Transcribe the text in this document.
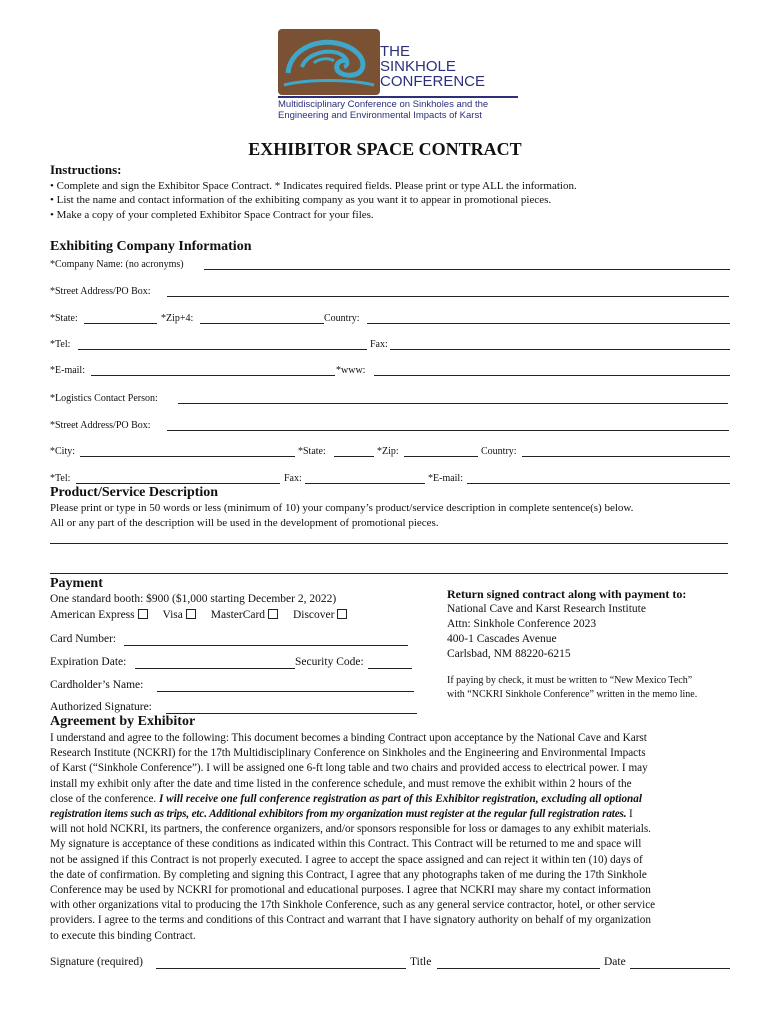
THE
SINKHOLE
CONFERENCE
Multidisciplinary Conference on Sinkholes and the
Engineering and Environmental Impacts of Karst
EXHIBITOR SPACE CONTRACT
Instructions:
• Complete and sign the Exhibitor Space Contract. * Indicates required fields. Please print or type ALL the information.
• List the name and contact information of the exhibiting company as you want it to appear in promotional pieces.
• Make a copy of your completed Exhibitor Space Contract for your files.
Exhibiting Company Information
*Company Name: (no acronyms)
*Street Address/PO Box:
*State:	*Zip+4:	Country:
*Tel:	Fax:
*E-mail:	*www:
*Logistics Contact Person:
*Street Address/PO Box:
*City:	*State:	*Zip:	Country:
*Tel:	Fax:	*E-mail:
Product/Service Description
Please print or type in 50 words or less (minimum of 10) your company’s product/service description in complete sentence(s) below.
All or any part of the description will be used in the development of promotional pieces.
Payment
One standard booth: $900 ($1,000 starting December 2, 2022)
American Express Visa MasterCard Discover
Card Number:
Expiration Date:	Security Code:
Cardholder’s Name:
Authorized Signature:
Return signed contract along with payment to:
National Cave and Karst Research Institute
Attn: Sinkhole Conference 2023
400-1 Cascades Avenue
Carlsbad, NM 88220-6215
If paying by check, it must be written to “New Mexico Tech”
with “NCKRI Sinkhole Conference” written in the memo line.
Agreement by Exhibitor
I understand and agree to the following: This document becomes a binding Contract upon acceptance by the National Cave and Karst
Research Institute (NCKRI) for the 17th Multidisciplinary Conference on Sinkholes and the Engineering and Environmental Impacts
of Karst (“Sinkhole Conference”). I will be assigned one 6-ft long table and two chairs and provided access to electrical power. I may
install my exhibit only after the date and time listed in the conference schedule, and must remove the exhibit within 2 hours of the
close of the conference. I will receive one full conference registration as part of this Exhibitor registration, excluding all optional
registration items such as trips, etc. Additional exhibitors from my organization must register at the regular full registration rates. I
will not hold NCKRI, its partners, the conference organizers, and/or sponsors responsible for loss or damages to any exhibit materials.
My signature is acceptance of these conditions as indicated within this Contract. This Contract will be returned to me and space will
not be assigned if this Contract is not properly executed. I agree to accept the space assigned and can reject it within ten (10) days of
the date of confirmation. By completing and signing this Contract, I agree that any photographs taken of me during the 17th Sinkhole
Conference may be used by NCKRI for promotional and educational purposes. I agree that NCKRI may share my contact information
with other organizations vital to producing the 17th Sinkhole Conference, such as any general service contractor, hotel, or other service
providers. I agree to the terms and conditions of this Contract and warrant that I have signatory authority on behalf of my organization
to execute this binding Contract.
Signature (required)	Title	Date
